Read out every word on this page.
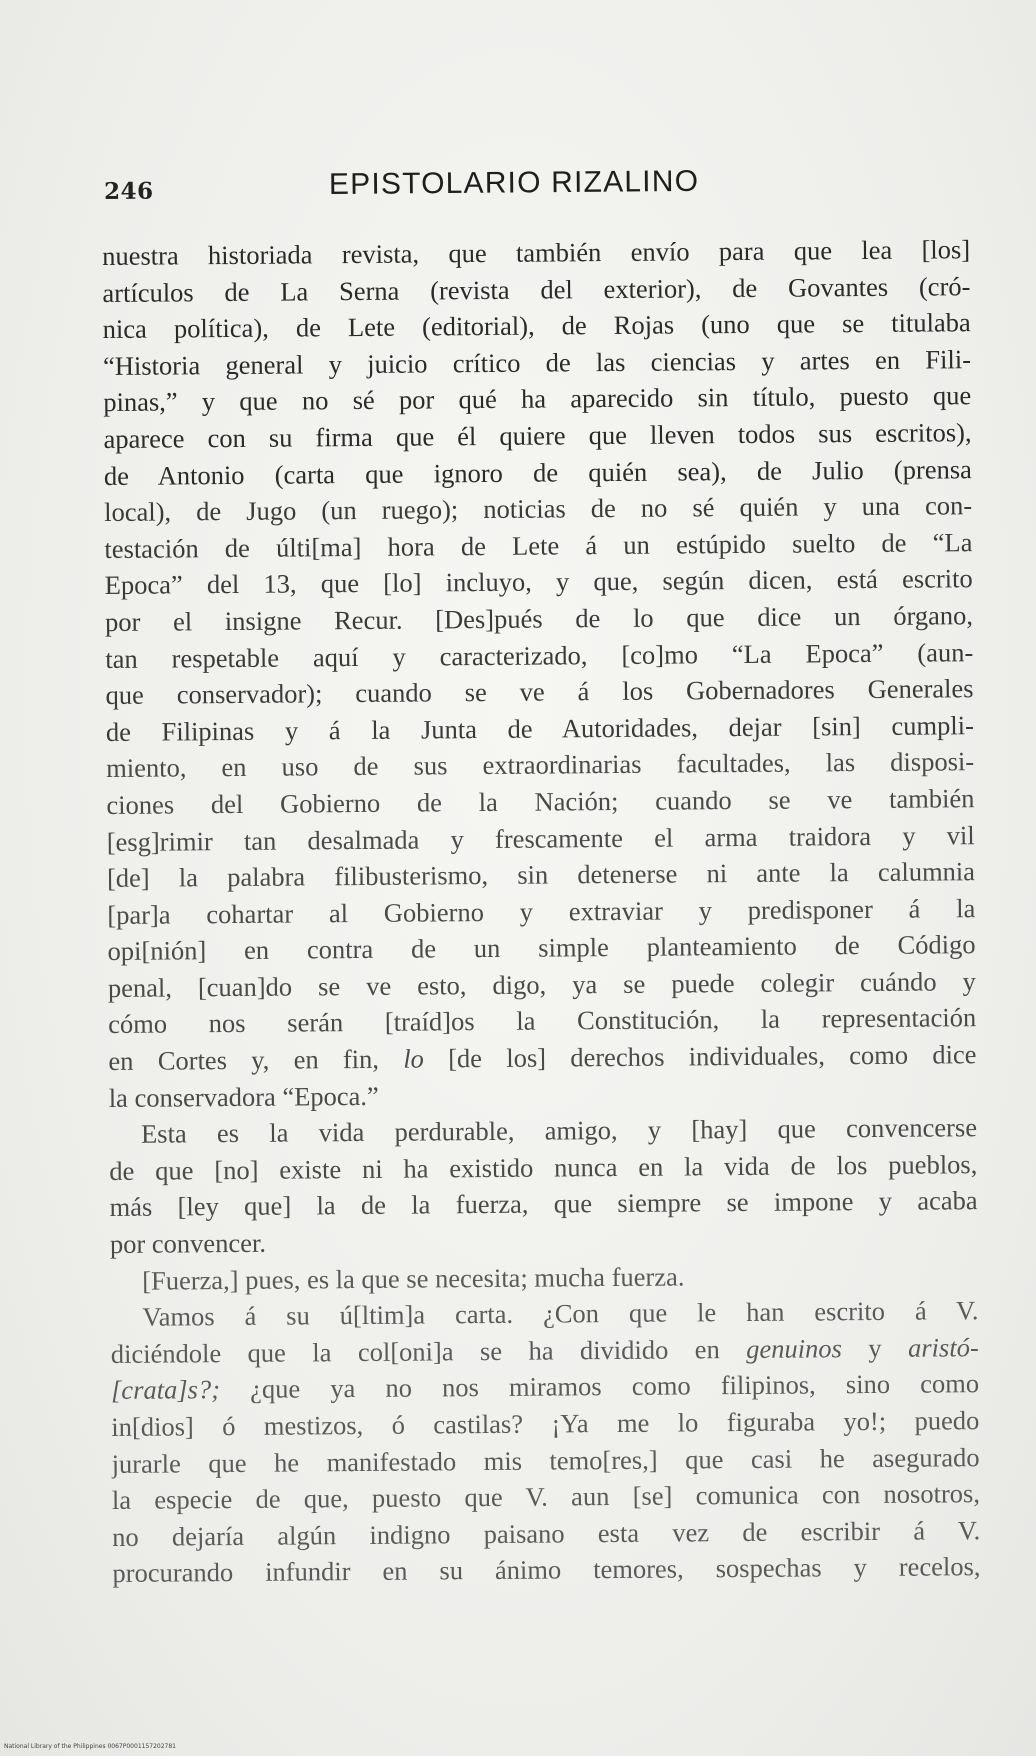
246	EPISTOLARIO RIZALINO
nuestra historiada revista, que también envío para que lea [los]
artículos de La Serna (revista del exterior), de Govantes (cró-
nica política), de Lete (editorial), de Rojas (uno que se titulaba
“Historia general y juicio crítico de las ciencias y artes en Fili-
pinas,” y que no sé por qué ha aparecido sin título, puesto que
aparece con su firma que él quiere que lleven todos sus escritos),
de Antonio (carta que ignoro de quién sea), de Julio (prensa
local), de Jugo (un ruego); noticias de no sé quién y una con-
testación de últi[ma] hora de Lete á un estúpido suelto de “La
Epoca” del 13, que [lo] incluyo, y que, según dicen, está escrito
por el insigne Recur. [Des]pués de lo que dice un órgano,
tan respetable aquí y caracterizado, [co]mo “La Epoca” (aun-
que conservador); cuando se ve á los Gobernadores Generales
de Filipinas y á la Junta de Autoridades, dejar [sin] cumpli-
miento, en uso de sus extraordinarias facultades, las disposi-
ciones del Gobierno de la Nación; cuando se ve también
[esg]rimir tan desalmada y frescamente el arma traidora y vil
[de] la palabra filibusterismo, sin detenerse ni ante la calumnia
[par]a cohartar al Gobierno y extraviar y predisponer á la
opi[nión] en contra de un simple planteamiento de Código
penal, [cuan]do se ve esto, digo, ya se puede colegir cuándo y
cómo nos serán [traíd]os la Constitución, la representación
en Cortes y, en fin, lo [de los] derechos individuales, como dice
la conservadora “Epoca.”
Esta es la vida perdurable, amigo, y [hay] que convencerse
de que [no] existe ni ha existido nunca en la vida de los pueblos,
más [ley que] la de la fuerza, que siempre se impone y acaba
por convencer.
[Fuerza,] pues, es la que se necesita; mucha fuerza.
Vamos á su ú[ltim]a carta. ¿Con que le han escrito á V.
diciéndole que la col[oni]a se ha dividido en genuinos y aristó-
[crata]s?; ¿que ya no nos miramos como filipinos, sino como
in[dios] ó mestizos, ó castilas? ¡Ya me lo figuraba yo!; puedo
jurarle que he manifestado mis temo[res,] que casi he asegurado
la especie de que, puesto que V. aun [se] comunica con nosotros,
no dejaría algún indigno paisano esta vez de escribir á V.
procurando infundir en su ánimo temores, sospechas y recelos,
National Library of the Philippines 0067P0001157202781
